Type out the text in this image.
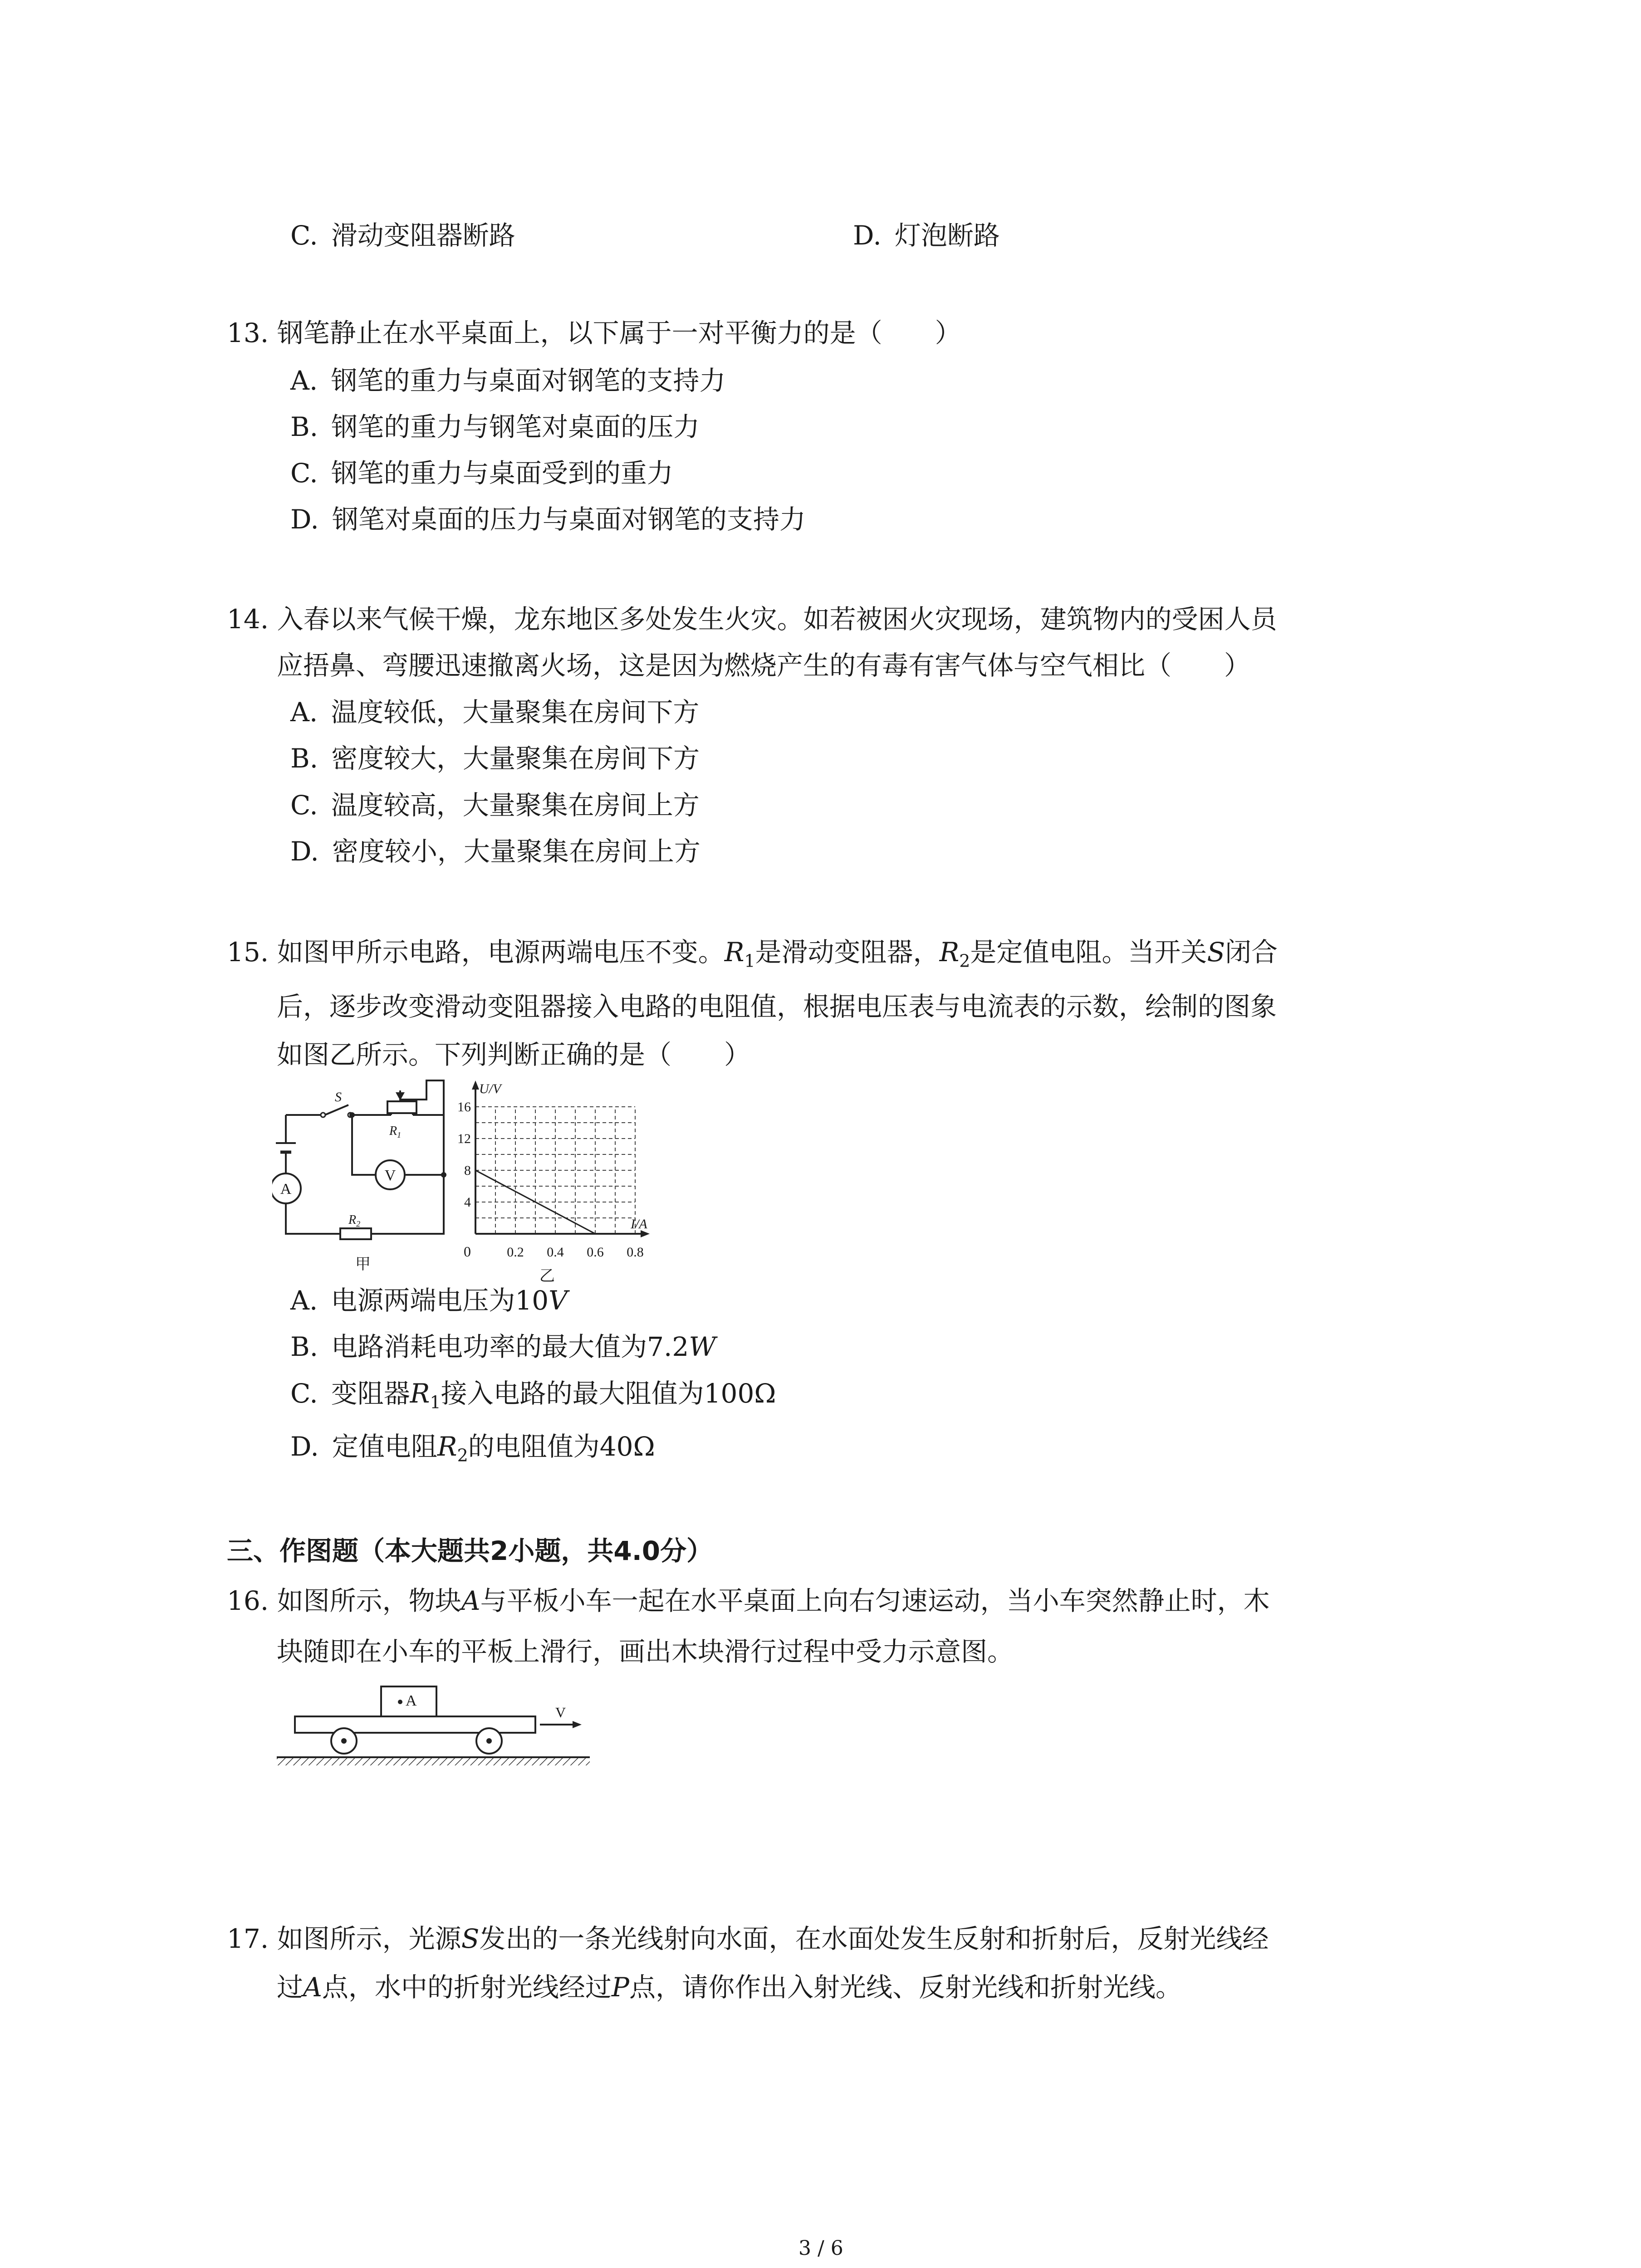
C.  滑动变阻器断路	D.  灯泡断路
13. 钢笔静止在水平桌面上，以下属于一对平衡力的是（　　）
A.  钢笔的重力与桌面对钢笔的支持力
B.  钢笔的重力与钢笔对桌面的压力
C.  钢笔的重力与桌面受到的重力
D.  钢笔对桌面的压力与桌面对钢笔的支持力
14. 入春以来气候干燥，龙东地区多处发生火灾。如若被困火灾现场，建筑物内的受困人员
应捂鼻、弯腰迅速撤离火场，这是因为燃烧产生的有毒有害气体与空气相比（　　）
A.  温度较低，大量聚集在房间下方
B.  密度较大，大量聚集在房间下方
C.  温度较高，大量聚集在房间上方
D.  密度较小，大量聚集在房间上方
15. 如图甲所示电路，电源两端电压不变。$R_1$是滑动变阻器，$R_2$是定值电阻。当开关S闭合
后，逐步改变滑动变阻器接入电路的电阻值，根据电压表与电流表的示数，绘制的图象
如图乙所示。下列判断正确的是（　　）
S
$R_1$
$R_2$
A
V
甲
16
12
8
4
0.2 0.4 0.6 0.8
U/V
I/A
0
乙
A.  电源两端电压为10V
B.  电路消耗电功率的最大值为7.2W
C.  变阻器$R_1$接入电路的最大阻值为100Ω
D.  定值电阻$R_2$的电阻值为40Ω
三、作图题（本大题共2小题，共4.0分）
16. 如图所示，物块A与平板小车一起在水平桌面上向右匀速运动，当小车突然静止时，木
块随即在小车的平板上滑行，画出木块滑行过程中受力示意图。
A
V
17. 如图所示，光源S发出的一条光线射向水面，在水面处发生反射和折射后，反射光线经
过A点，水中的折射光线经过P点，请你作出入射光线、反射光线和折射光线。
3 / 6
